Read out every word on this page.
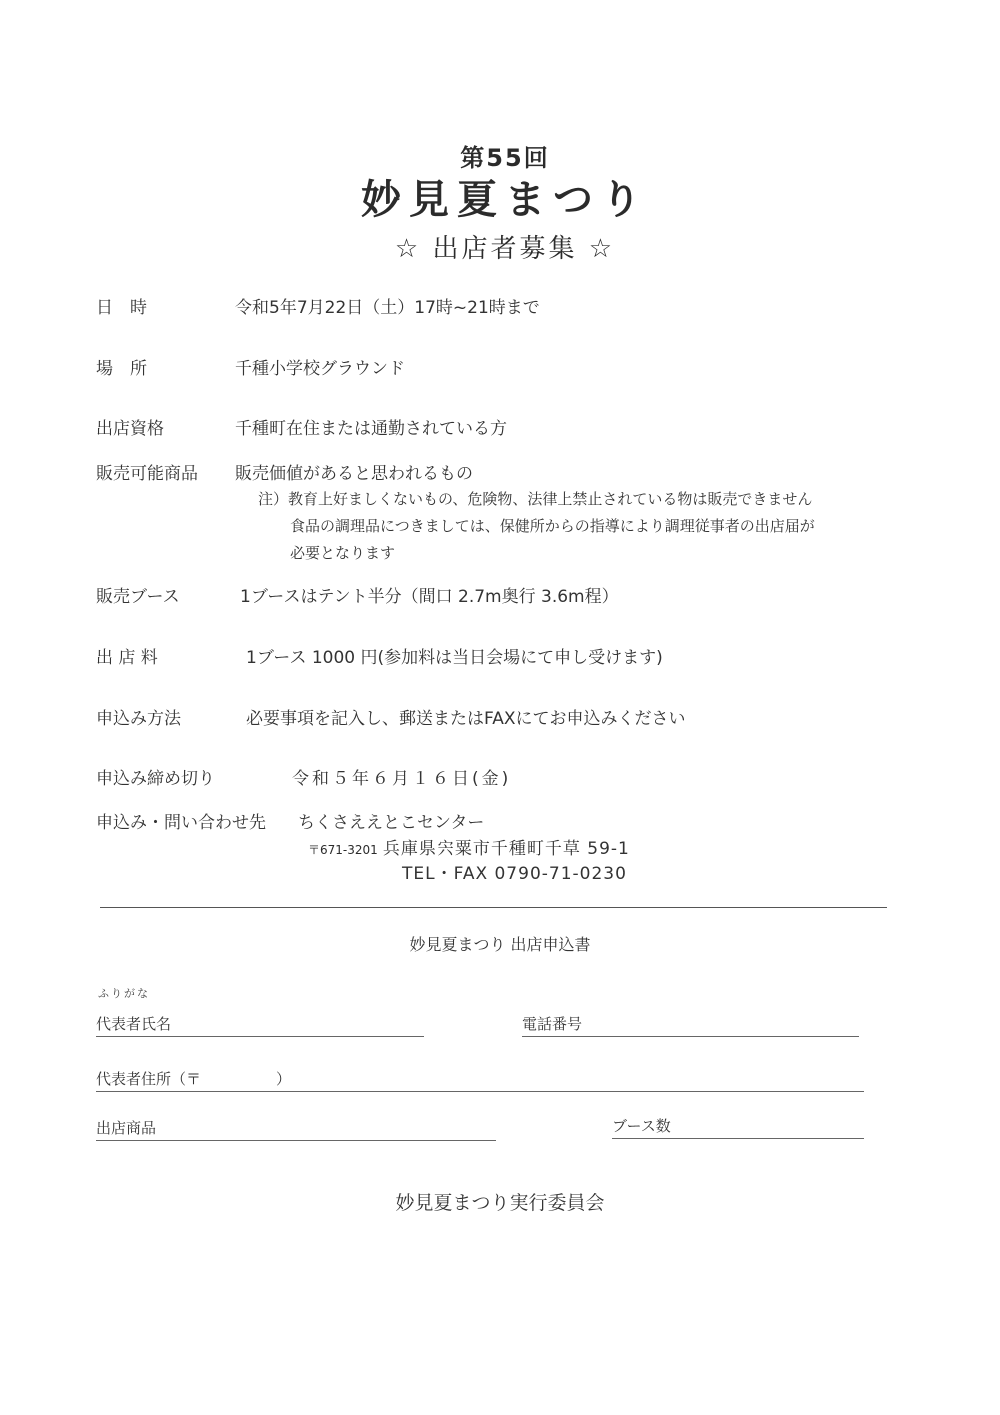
第55回
妙見夏まつり
☆ 出店者募集 ☆
日　時	令和5年7月22日（土）17時~21時まで
場　所	千種小学校グラウンド
出店資格	千種町在住または通勤されている方
販売可能商品 販売価値があると思われるもの
注）教育上好ましくないもの、危険物、法律上禁止されている物は販売できません
食品の調理品につきましては、保健所からの指導により調理従事者の出店届が
必要となります
販売ブース	1ブースはテント半分（間口 2.7m奥行 3.6m程）
出 店 料	1ブース 1000 円(参加料は当日会場にて申し受けます)
申込み方法	必要事項を記入し、郵送またはFAXにてお申込みください
申込み締め切り	令和５年６月１６日(金)
申込み・問い合わせ先 ちくさええとこセンター
〒671-3201 兵庫県宍粟市千種町千草 59-1
TEL・FAX 0790-71-0230
妙見夏まつり 出店申込書
ふりがな
代表者氏名	電話番号
代表者住所（〒　　　　　）
出店商品	ブース数
妙見夏まつり実行委員会
